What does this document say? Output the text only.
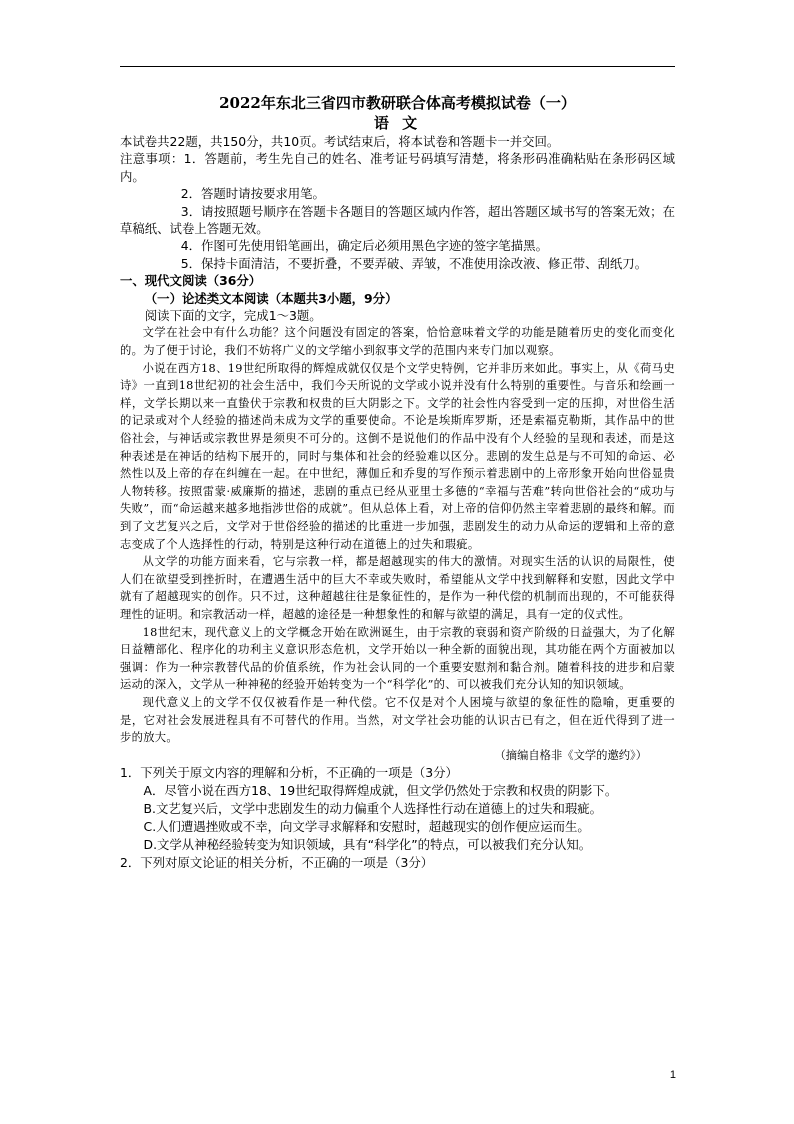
2022年东北三省四市教研联合体高考模拟试卷（一）

语 文

本试卷共22题，共150分，共10页。考试结束后，将本试卷和答题卡一并交回。

注意事项：1．答题前，考生先自己的姓名、准考证号码填写清楚，将条形码准确粘贴在条形码区域内。

2．答题时请按要求用笔。

3．请按照题号顺序在答题卡各题目的答题区域内作答，超出答题区域书写的答案无效；在草稿纸、试卷上答题无效。

4．作图可先使用铅笔画出，确定后必须用黑色字迹的签字笔描黑。

5．保持卡面清洁，不要折叠，不要弄破、弄皱，不准使用涂改液、修正带、刮纸刀。

一、现代文阅读（36分）

（一）论述类文本阅读（本题共3小题，9分）

阅读下面的文字，完成1～3题。

文学在社会中有什么功能？这个问题没有固定的答案，恰恰意味着文学的功能是随着历史的变化而变化的。为了便于讨论，我们不妨将广义的文学缩小到叙事文学的范围内来专门加以观察。

小说在西方18、19世纪所取得的辉煌成就仅仅是个文学史特例，它并非历来如此。事实上，从《荷马史诗》一直到18世纪初的社会生活中，我们今天所说的文学或小说并没有什么特别的重要性。与音乐和绘画一样，文学长期以来一直蛰伏于宗教和权贵的巨大阴影之下。文学的社会性内容受到一定的压抑，对世俗生活的记录或对个人经验的描述尚未成为文学的重要使命。不论是埃斯库罗斯，还是索福克勒斯，其作品中的世俗社会，与神话或宗教世界是须臾不可分的。这倒不是说他们的作品中没有个人经验的呈现和表述，而是这种表述是在神话的结构下展开的，同时与集体和社会的经验难以区分。悲剧的发生总是与不可知的命运、必然性以及上帝的存在纠缠在一起。在中世纪，薄伽丘和乔叟的写作预示着悲剧中的上帝形象开始向世俗显贵人物转移。按照雷蒙·威廉斯的描述，悲剧的重点已经从亚里士多德的“幸福与苦难”转向世俗社会的“成功与失败”，而“命运越来越多地指涉世俗的成就”。但从总体上看，对上帝的信仰仍然主宰着悲剧的最终和解。而到了文艺复兴之后，文学对于世俗经验的描述的比重进一步加强，悲剧发生的动力从命运的逻辑和上帝的意志变成了个人选择性的行动，特别是这种行动在道德上的过失和瑕疵。

从文学的功能方面来看，它与宗教一样，都是超越现实的伟大的激情。对现实生活的认识的局限性，使人们在欲望受到挫折时，在遭遇生活中的巨大不幸或失败时，希望能从文学中找到解释和安慰，因此文学中就有了超越现实的创作。只不过，这种超越往往是象征性的，是作为一种代偿的机制而出现的，不可能获得理性的证明。和宗教活动一样，超越的途径是一种想象性的和解与欲望的满足，具有一定的仪式性。

18世纪末，现代意义上的文学概念开始在欧洲诞生，由于宗教的衰弱和资产阶级的日益强大，为了化解日益糟部化、程序化的功利主义意识形态危机，文学开始以一种全新的面貌出现，其功能在两个方面被加以强调：作为一种宗教替代品的价值系统，作为社会认同的一个重要安慰剂和黏合剂。随着科技的进步和启蒙运动的深入，文学从一种神秘的经验开始转变为一个“科学化”的、可以被我们充分认知的知识领域。

现代意义上的文学不仅仅被看作是一种代偿。它不仅是对个人困境与欲望的象征性的隐喻，更重要的是，它对社会发展进程具有不可替代的作用。当然，对文学社会功能的认识古已有之，但在近代得到了进一步的放大。

（摘编自格非《文学的邀约》）

1．下列关于原文内容的理解和分析，不正确的一项是（3分）

A．尽管小说在西方18、19世纪取得辉煌成就，但文学仍然处于宗教和权贵的阴影下。

B.文艺复兴后，文学中悲剧发生的动力偏重个人选择性行动在道德上的过失和瑕疵。

C.人们遭遇挫败或不幸，向文学寻求解释和安慰时，超越现实的创作便应运而生。

D.文学从神秘经验转变为知识领域，具有“科学化”的特点，可以被我们充分认知。

2．下列对原文论证的相关分析，不正确的一项是（3分）

1
